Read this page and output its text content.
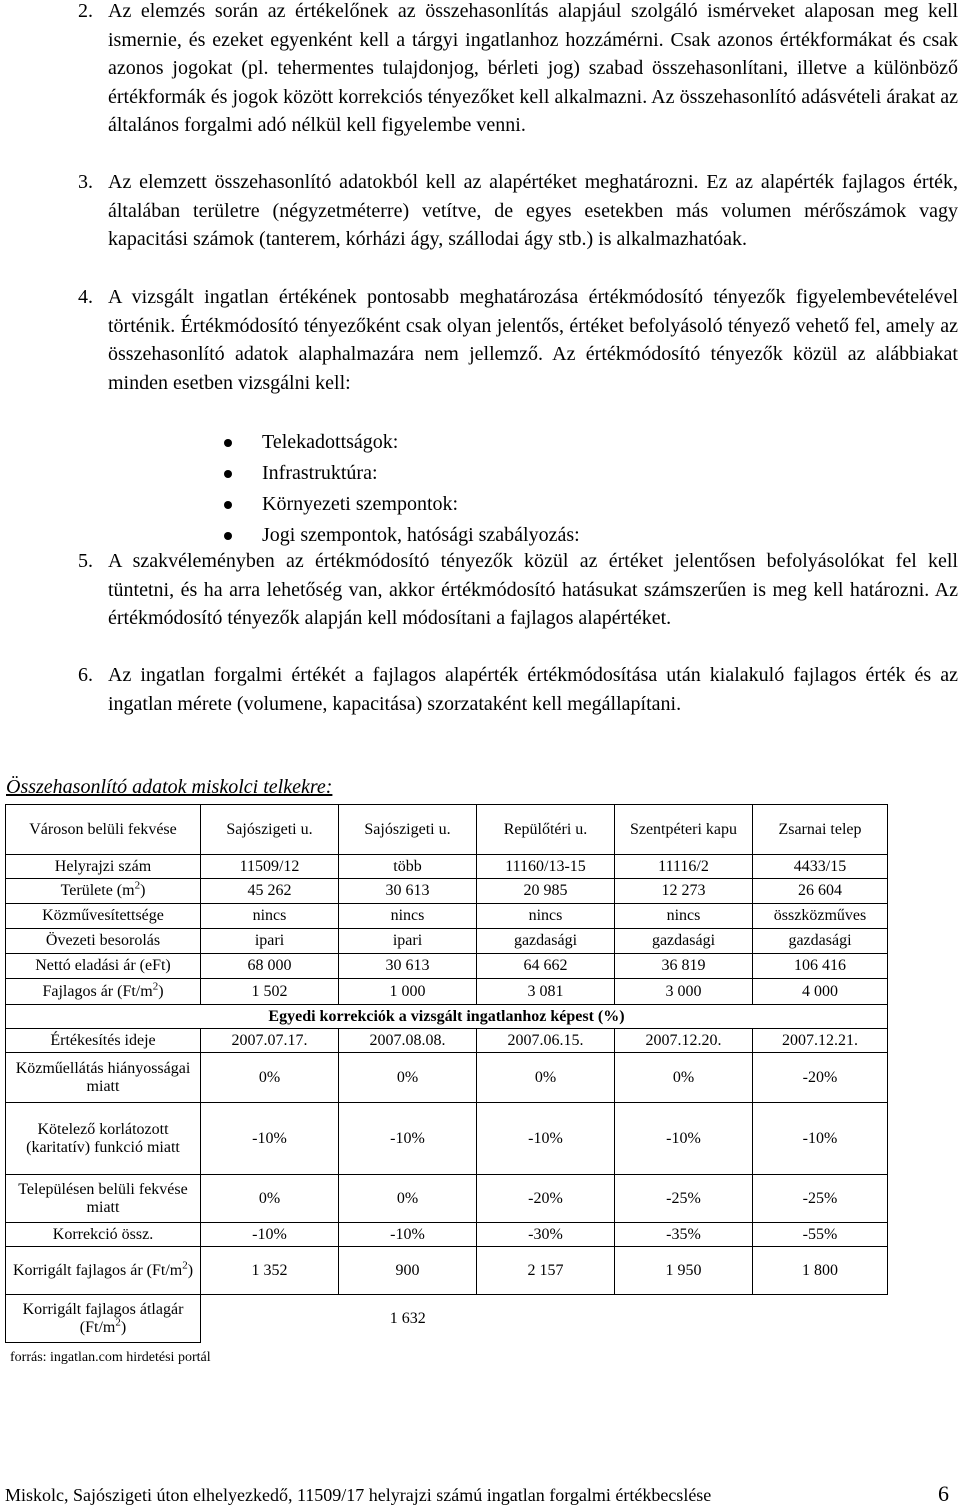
2. Az elemzés során az értékelőnek az összehasonlítás alapjául szolgáló ismérveket alaposan meg kell ismernie, és ezeket egyenként kell a tárgyi ingatlanhoz hozzámérni. Csak azonos értékformákat és csak azonos jogokat (pl. tehermentes tulajdonjog, bérleti jog) szabad összehasonlítani, illetve a különböző értékformák és jogok között korrekciós tényezőket kell alkalmazni. Az összehasonlító adásvételi árakat az általános forgalmi adó nélkül kell figyelembe venni.
3. Az elemzett összehasonlító adatokból kell az alapértéket meghatározni. Ez az alapérték fajlagos érték, általában területre (négyzetméterre) vetítve, de egyes esetekben más volumen mérőszámok vagy kapacitási számok (tanterem, kórházi ágy, szállodai ágy stb.) is alkalmazhatóak.
4. A vizsgált ingatlan értékének pontosabb meghatározása értékmódosító tényezők figyelembevételével történik. Értékmódosító tényezőként csak olyan jelentős, értéket befolyásoló tényező vehető fel, amely az összehasonlító adatok alaphalmazára nem jellemző. Az értékmódosító tényezők közül az alábbiakat minden esetben vizsgálni kell:
5. A szakvéleményben az értékmódosító tényezők közül az értéket jelentősen befolyásolókat fel kell tüntetni, és ha arra lehetőség van, akkor értékmódosító hatásukat számszerűen is meg kell határozni. Az értékmódosító tényezők alapján kell módosítani a fajlagos alapértéket.
6. Az ingatlan forgalmi értékét a fajlagos alapérték értékmódosítása után kialakuló fajlagos érték és az ingatlan mérete (volumene, kapacitása) szorzataként kell megállapítani.
Telekadottságok:
Infrastruktúra:
Környezeti szempontok:
Jogi szempontok, hatósági szabályozás:
Összehasonlító adatok miskolci telkekre:
Városon belüli fekvése	Sajószigeti u.	Sajószigeti u.	Repülőtéri u.	Szentpéteri kapu	Zsarnai telep
Helyrajzi szám	11509/12	több	11160/13-15	11116/2	4433/15
Területe $(m^2)$	45 262	30 613	20 985	12 273	26 604
Közművesítettsége	nincs	nincs	nincs	nincs	összközműves
Övezeti besorolás	ipari	ipari	gazdasági	gazdasági	gazdasági
Nettó eladási ár (eFt)	68 000	30 613	64 662	36 819	106 416
Fajlagos ár $(Ft/m^2)$	1 502	1 000	3 081	3 000	4 000
Egyedi korrekciók a vizsgált ingatlanhoz képest (%)					
Értékesítés ideje	2007.07.17.	2007.08.08.	2007.06.15.	2007.12.20.	2007.12.21.
Közműellátás hiányosságai miatt	0%	0%	0%	0%	-20%
Kötelező korlátozott (karitatív) funkció miatt	-10%	-10%	-10%	-10%	-10%
Településen belüli fekvése miatt	0%	0%	-20%	-25%	-25%
Korrekció össz.	-10%	-10%	-30%	-35%	-55%
Korrigált fajlagos ár $(Ft/m^2)$	1 352	900	2 157	1 950	1 800
Korrigált fajlagos átlagár $(Ft/m^2)$	1 632				
forrás: ingatlan.com hirdetési portál
Miskolc, Sajószigeti úton elhelyezkedő, 11509/17 helyrajzi számú ingatlan forgalmi értékbecslése	6
